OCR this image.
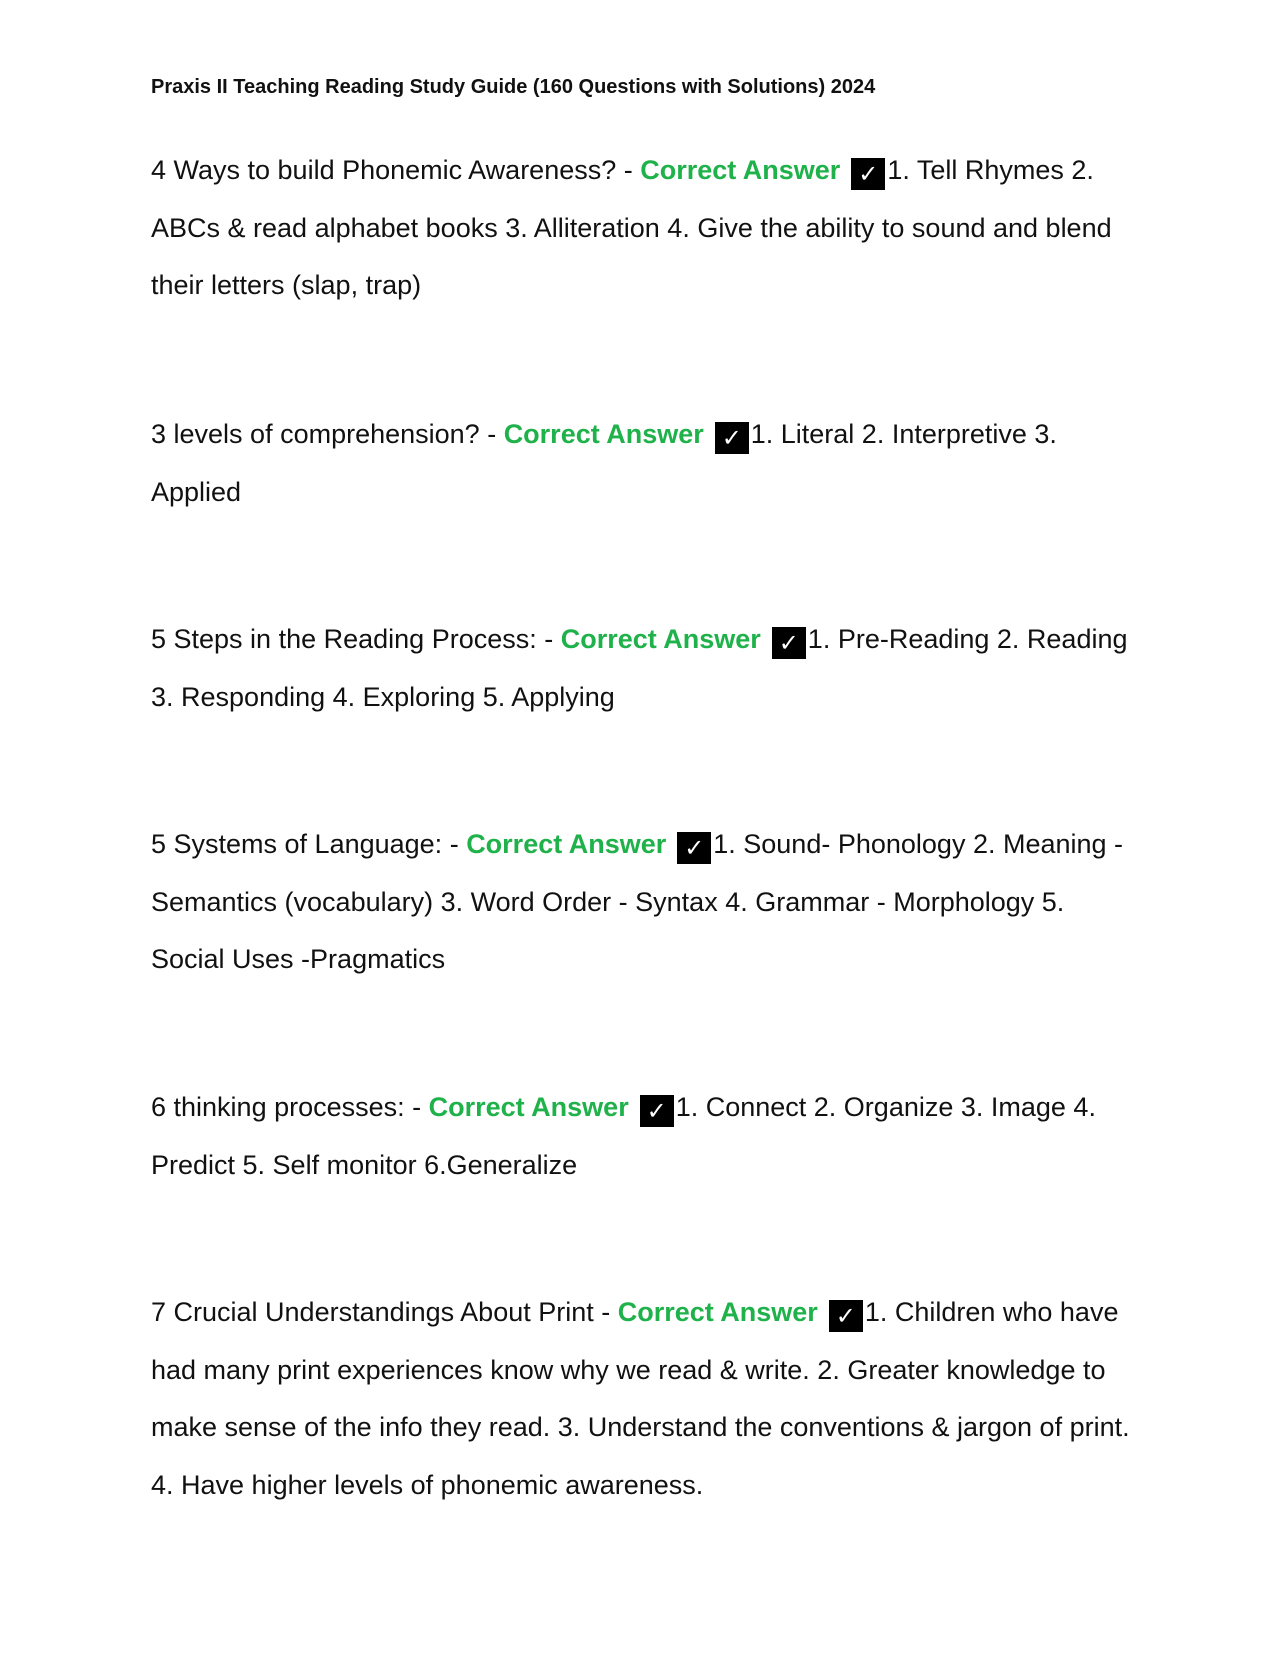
Praxis II Teaching Reading Study Guide (160 Questions with Solutions) 2024

4 Ways to build Phonemic Awareness? - Correct Answer ✓ 1. Tell Rhymes 2. ABCs & read alphabet books 3. Alliteration 4. Give the ability to sound and blend their letters (slap, trap)

3 levels of comprehension? - Correct Answer ✓ 1. Literal 2. Interpretive 3. Applied

5 Steps in the Reading Process: - Correct Answer ✓ 1. Pre-Reading 2. Reading 3. Responding 4. Exploring 5. Applying

5 Systems of Language: - Correct Answer ✓ 1. Sound- Phonology 2. Meaning -Semantics (vocabulary) 3. Word Order - Syntax 4. Grammar - Morphology 5. Social Uses -Pragmatics

6 thinking processes: - Correct Answer ✓ 1. Connect 2. Organize 3. Image 4. Predict 5. Self monitor 6.Generalize

7 Crucial Understandings About Print - Correct Answer ✓ 1. Children who have had many print experiences know why we read & write. 2. Greater knowledge to make sense of the info they read. 3. Understand the conventions & jargon of print. 4. Have higher levels of phonemic awareness.
